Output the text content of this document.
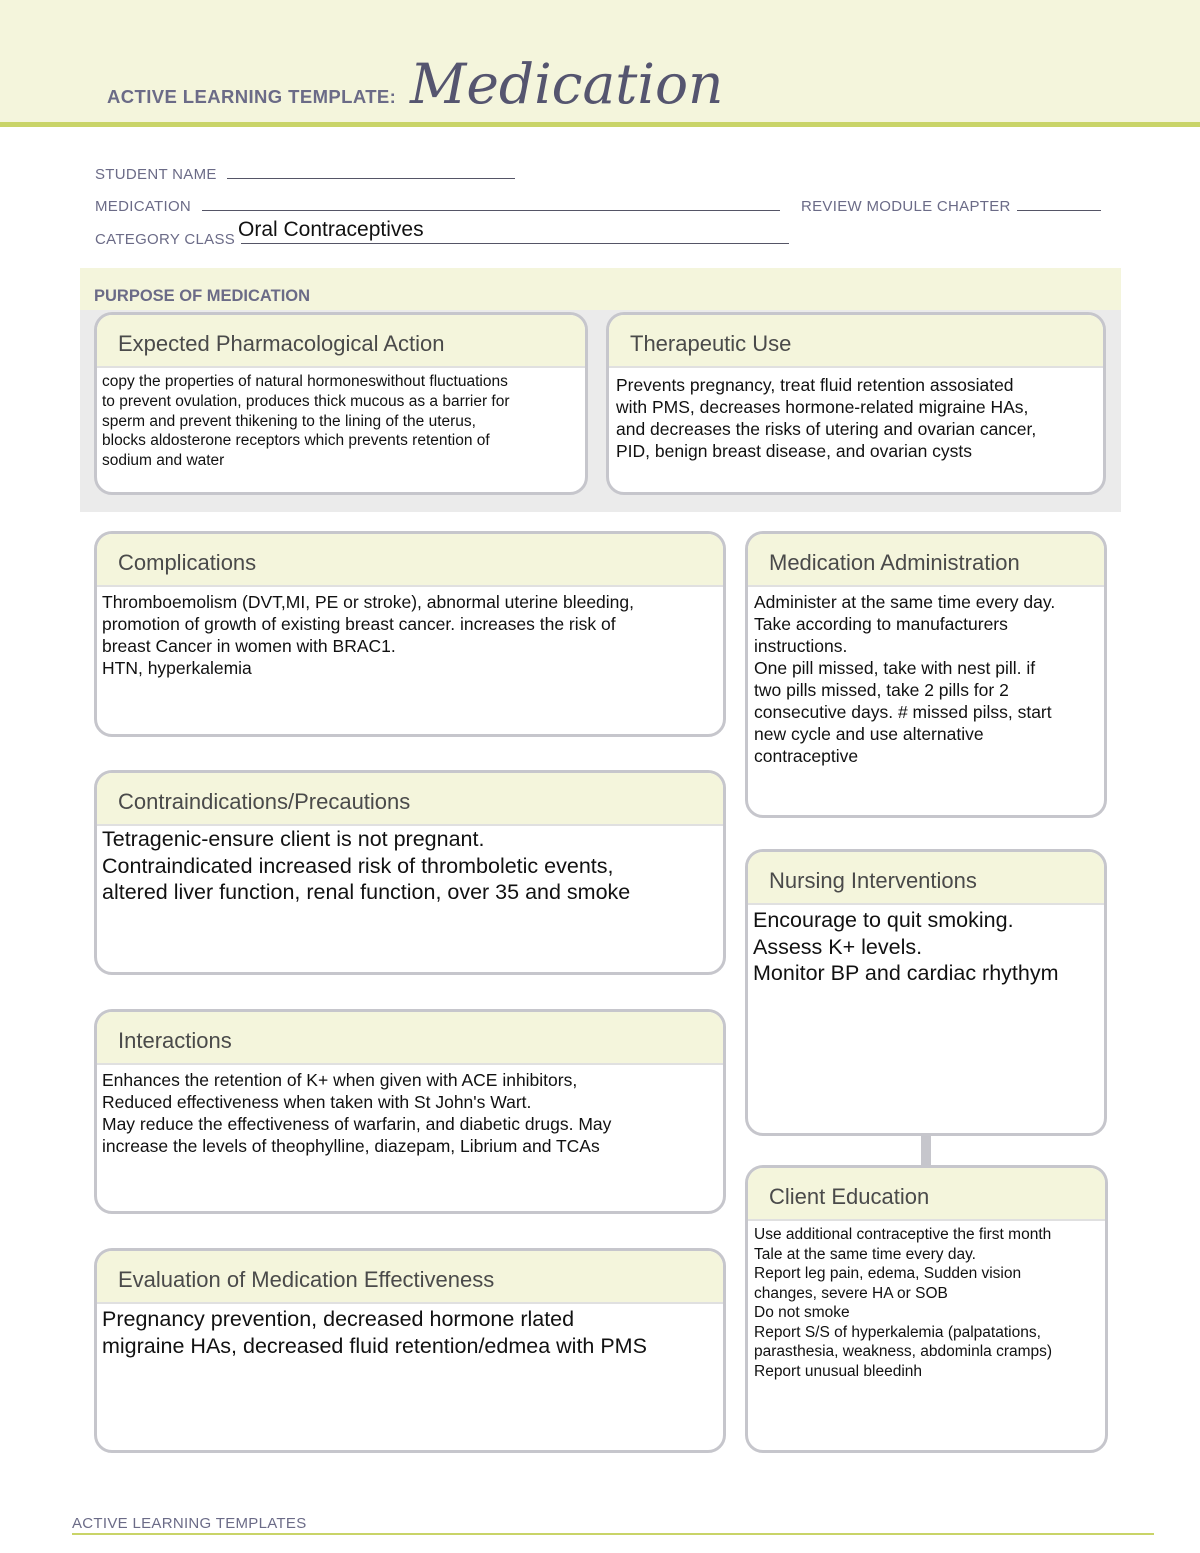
ACTIVE LEARNING TEMPLATE: Medication
STUDENT NAME
MEDICATION	REVIEW MODULE CHAPTER
CATEGORY CLASS Oral Contraceptives
PURPOSE OF MEDICATION
Expected Pharmacological Action
copy the properties of natural hormoneswithout fluctuations
to prevent ovulation, produces thick mucous as a barrier for
sperm and prevent thikening to the lining of the uterus,
blocks aldosterone receptors which prevents retention of
sodium and water
Therapeutic Use
Prevents pregnancy, treat fluid retention assosiated
with PMS, decreases hormone-related migraine HAs,
and decreases the risks of utering and ovarian cancer,
PID, benign breast disease, and ovarian cysts
Complications
Thromboemolism (DVT,MI, PE or stroke), abnormal uterine bleeding,
promotion of growth of existing breast cancer. increases the risk of
breast Cancer in women with BRAC1.
HTN, hyperkalemia
Contraindications/Precautions
Tetragenic-ensure client is not pregnant.
Contraindicated increased risk of thromboletic events,
altered liver function, renal function, over 35 and smoke
Interactions
Enhances the retention of K+ when given with ACE inhibitors,
Reduced effectiveness when taken with St John's Wart.
May reduce the effectiveness of warfarin, and diabetic drugs. May
increase the levels of theophylline, diazepam, Librium and TCAs
Evaluation of Medication Effectiveness
Pregnancy prevention, decreased hormone rlated
migraine HAs, decreased fluid retention/edmea with PMS
Medication Administration
Administer at the same time every day.
Take according to manufacturers
instructions.
One pill missed, take with nest pill. if
two pills missed, take 2 pills for 2
consecutive days. # missed pilss, start
new cycle and use alternative
contraceptive
Nursing Interventions
Encourage to quit smoking.
Assess K+ levels.
Monitor BP and cardiac rhythym
Client Education
Use additional contraceptive the first month
Tale at the same time every day.
Report leg pain, edema, Sudden vision
changes, severe HA or SOB
Do not smoke
Report S/S of hyperkalemia (palpatations,
parasthesia, weakness, abdominla cramps)
Report unusual bleedinh
ACTIVE LEARNING TEMPLATES
